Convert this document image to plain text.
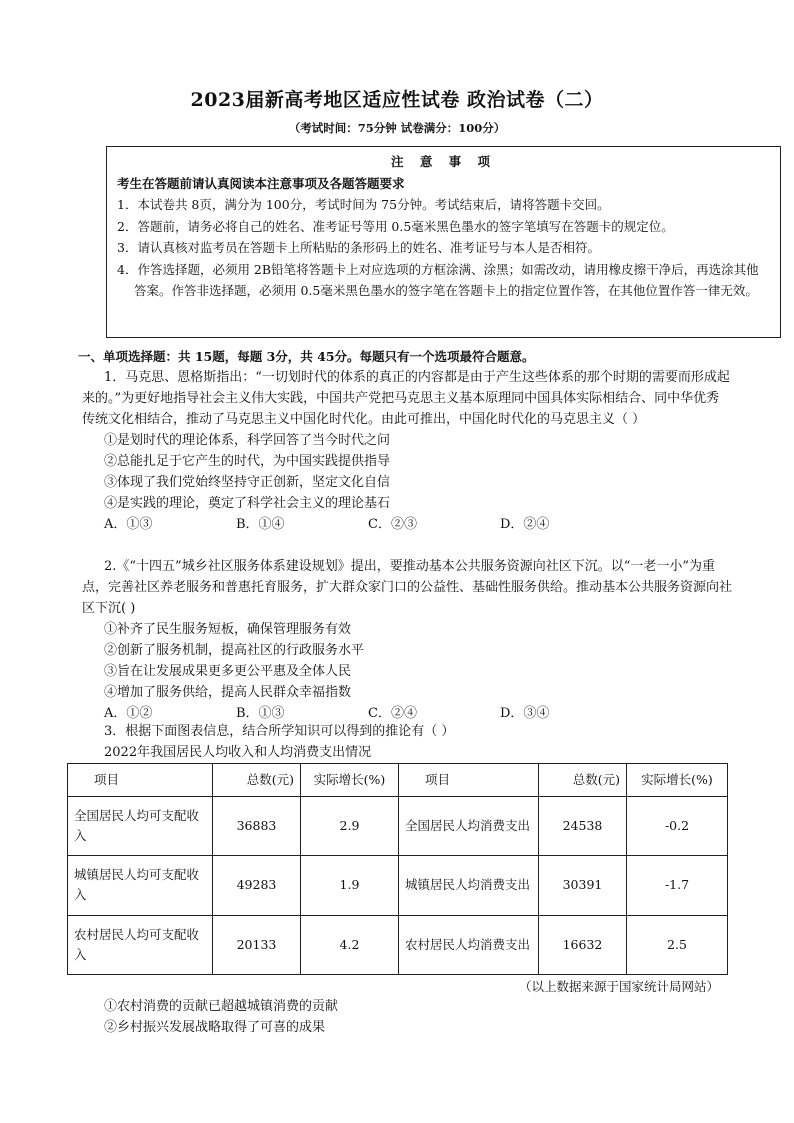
2023届新高考地区适应性试卷 政治试卷（二）
（考试时间：75分钟 试卷满分：100分）
注 意 事 项
考生在答题前请认真阅读本注意事项及各题答题要求
1．本试卷共 8页，满分为 100分，考试时间为 75分钟。考试结束后，请将答题卡交回。
2．答题前，请务必将自己的姓名、准考证号等用 0.5毫米黑色墨水的签字笔填写在答题卡的规定位。
3．请认真核对监考员在答题卡上所粘贴的条形码上的姓名、准考证号与本人是否相符。
4．作答选择题，必须用 2B铅笔将答题卡上对应选项的方框涂满、涂黑；如需改动，请用橡皮擦干净后，再选涂其他答案。作答非选择题，必须用 0.5毫米黑色墨水的签字笔在答题卡上的指定位置作答，在其他位置作答一律无效。
一、单项选择题：共 15题，每题 3分，共 45分。每题只有一个选项最符合题意。
1．马克思、恩格斯指出：“一切划时代的体系的真正的内容都是由于产生这些体系的那个时期的需要而形成起来的。”为更好地指导社会主义伟大实践，中国共产党把马克思主义基本原理同中国具体实际相结合、同中华优秀传统文化相结合，推动了马克思主义中国化时代化。由此可推出，中国化时代化的马克思主义（ ）
①是划时代的理论体系，科学回答了当今时代之问
②总能扎足于它产生的时代，为中国实践提供指导
③体现了我们党始终坚持守正创新，坚定文化自信
④是实践的理论，奠定了科学社会主义的理论基石
A．①③	B．①④	C．②③	D．②④
2.《“十四五”城乡社区服务体系建设规划》提出，要推动基本公共服务资源向社区下沉。以“一老一小”为重点，完善社区养老服务和普惠托育服务，扩大群众家门口的公益性、基础性服务供给。推动基本公共服务资源向社区下沉( )
①补齐了民生服务短板，确保管理服务有效
②创新了服务机制，提高社区的行政服务水平
③旨在让发展成果更多更公平惠及全体人民
④增加了服务供给，提高人民群众幸福指数
A．①②	B．①③	C．②④	D．③④
3．根据下面图表信息，结合所学知识可以得到的推论有（ ）
2022年我国居民人均收入和人均消费支出情况
项目	总数(元)	实际增长(%)	项目	总数(元)	实际增长(%)
全国居民人均可支配收入	36883	2.9	全国居民人均消费支出	24538	-0.2
城镇居民人均可支配收入	49283	1.9	城镇居民人均消费支出	30391	-1.7
农村居民人均可支配收入	20133	4.2	农村居民人均消费支出	16632	2.5
（以上数据来源于国家统计局网站）
①农村消费的贡献已超越城镇消费的贡献
②乡村振兴发展战略取得了可喜的成果
